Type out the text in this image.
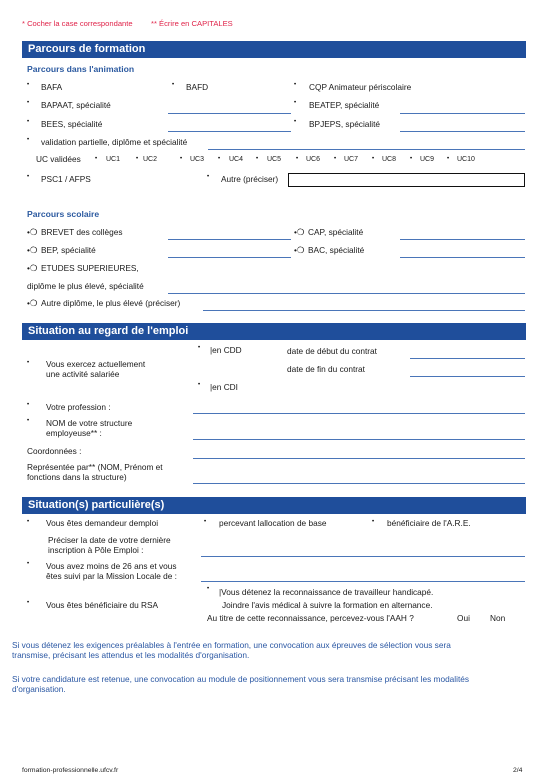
* Cocher la case correspondante ** Écrire en CAPITALES
Parcours de formation
Parcours dans l'animation
• BAFA	• BAFD	• CQP Animateur périscolaire
• BAPAAT, spécialité	• BEATEP, spécialité
• BEES, spécialité	• BPJEPS, spécialité
• validation partielle, diplôme et spécialité
UC validées • UC1	• UC2	• UC3 • UC4 • UC5 • UC6 • UC7 • UC8 • UC9 • UC10
• PSC1 / AFPS	• Autre (préciser)
Parcours scolaire
•❍ BREVET des collèges	•❍ CAP, spécialité
•❍ BEP, spécialité	•❍ BAC, spécialité
•❍ ETUDES SUPERIEURES,
diplôme le plus élevé, spécialité
•❍ Autre diplôme, le plus élevé (préciser)
Situation au regard de l'emploi
• Vous exercez actuellement
une activité salariée
• |en CDD	date de début du contrat
date de fin du contrat
• |en CDI
• Votre profession :
• NOM de votre structure
employeuse** :
Coordonnées :
Représentée par** (NOM, Prénom et
fonctions dans la structure)
Situation(s) particulière(s)
• Vous êtes demandeur demploi	• percevant lallocation de base	• bénéficiaire de l'A.R.E.
Préciser la date de votre dernière
inscription à Pôle Emploi :
• Vous avez moins de 26 ans et vous
êtes suivi par la Mission Locale de :
• |Vous détenez la reconnaissance de travailleur handicapé.
• Vous êtes bénéficiaire du RSA	Joindre l'avis médical à suivre la formation en alternance.
Au titre de cette reconnaissance, percevez-vous l'AAH ?	Oui Non
Si vous détenez les exigences préalables à l'entrée en formation, une convocation aux épreuves de sélection vous sera
transmise, précisant les attendus et les modalités d'organisation.
Si votre candidature est retenue, une convocation au module de positionnement vous sera transmise précisant les modalités
d'organisation.
formation-professionnelle.ufcv.fr	2/4
